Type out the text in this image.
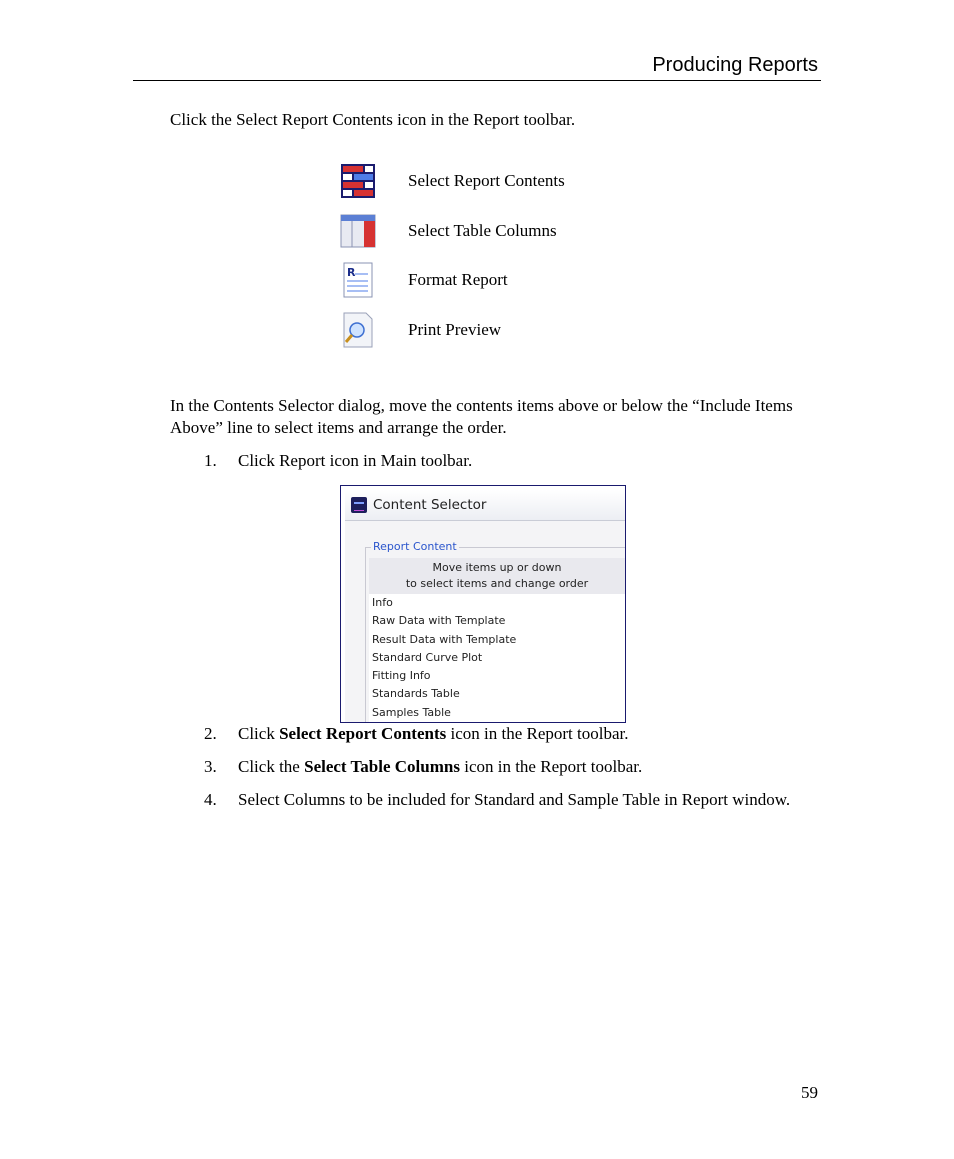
Producing Reports
Click the Select Report Contents icon in the Report toolbar.
Select Report Contents
Select Table Columns
R	Format Report
Print Preview
In the Contents Selector dialog, move the contents items above or below the “Include Items Above” line to select items and arrange the order.
1. Click Report icon in Main toolbar.
Content Selector
Report Content
Move items up or down
to select items and change order
Info
Raw Data with Template
Result Data with Template
Standard Curve Plot
Fitting Info
Standards Table
Samples Table
2. Click Select Report Contents icon in the Report toolbar.
3. Click the Select Table Columns icon in the Report toolbar.
4. Select Columns to be included for Standard and Sample Table in Report window.
59
